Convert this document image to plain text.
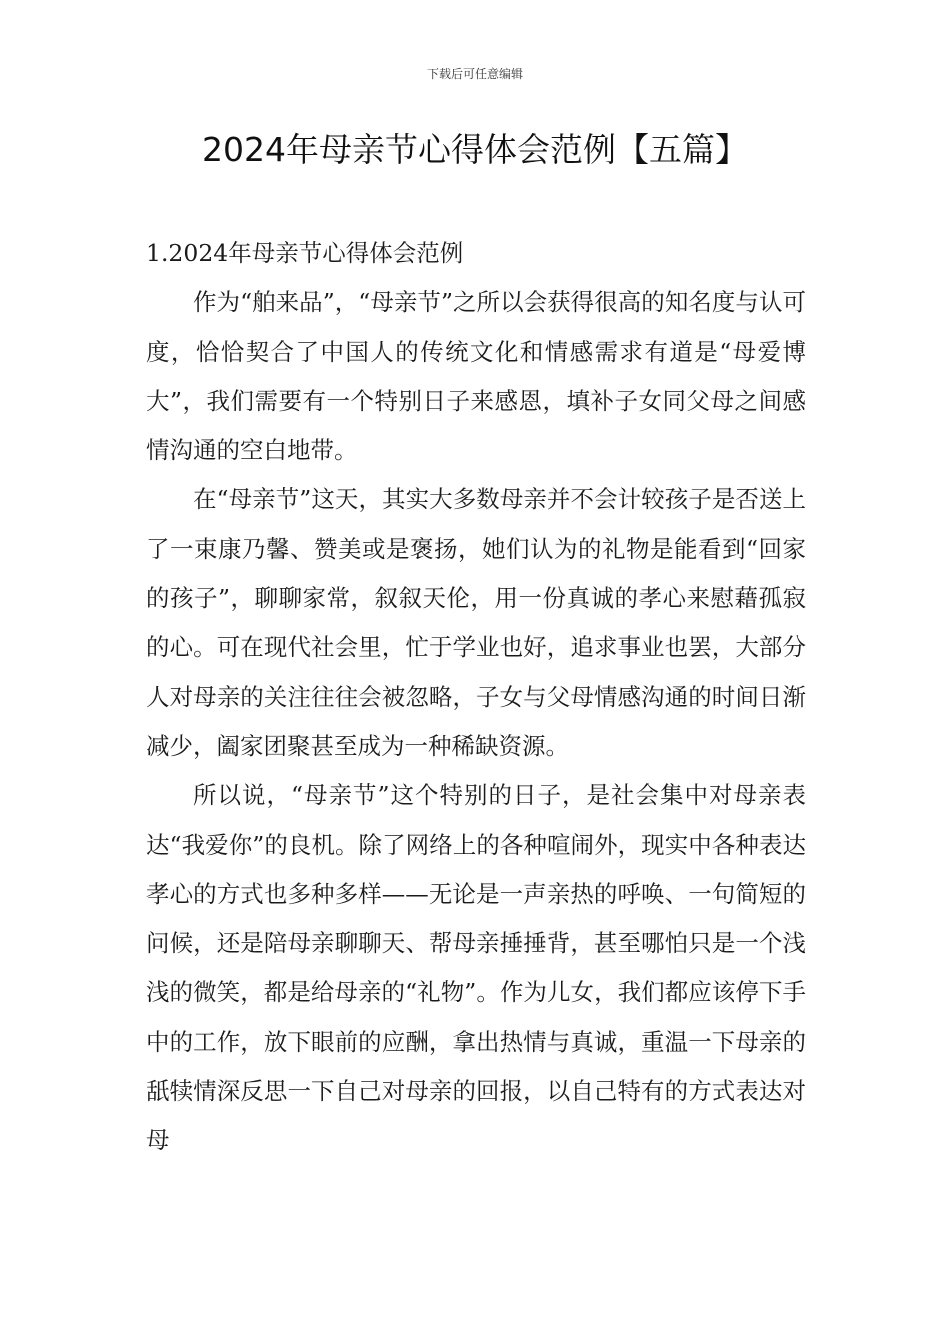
下载后可任意编辑
2024年母亲节心得体会范例【五篇】

1.2024年母亲节心得体会范例

作为“舶来品”，“母亲节”之所以会获得很高的知名度与认可度，恰恰契合了中国人的传统文化和情感需求有道是“母爱博大”，我们需要有一个特别日子来感恩，填补子女同父母之间感情沟通的空白地带。

在“母亲节”这天，其实大多数母亲并不会计较孩子是否送上了一束康乃馨、赞美或是褒扬，她们认为的礼物是能看到“回家的孩子”，聊聊家常，叙叙天伦，用一份真诚的孝心来慰藉孤寂的心。可在现代社会里，忙于学业也好，追求事业也罢，大部分人对母亲的关注往往会被忽略，子女与父母情感沟通的时间日渐减少，阖家团聚甚至成为一种稀缺资源。

所以说，“母亲节”这个特别的日子，是社会集中对母亲表达“我爱你”的良机。除了网络上的各种喧闹外，现实中各种表达孝心的方式也多种多样——无论是一声亲热的呼唤、一句简短的问候，还是陪母亲聊聊天、帮母亲捶捶背，甚至哪怕只是一个浅浅的微笑，都是给母亲的“礼物”。作为儿女，我们都应该停下手中的工作，放下眼前的应酬，拿出热情与真诚，重温一下母亲的舐犊情深反思一下自己对母亲的回报，以自己特有的方式表达对母
